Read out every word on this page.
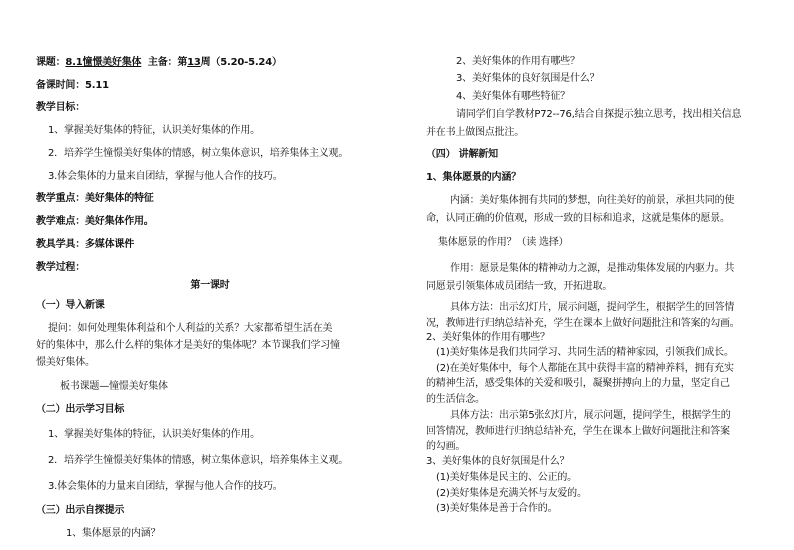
课题：8.1憧憬美好集体 主备：第13周（5.20-5.24）
备课时间：5.11
教学目标：
1、掌握美好集体的特征，认识美好集体的作用。
2．培养学生憧憬美好集体的情感，树立集体意识，培养集体主义观。
3.体会集体的力量来自团结，掌握与他人合作的技巧。
教学重点：美好集体的特征
教学难点：美好集体作用。
教具学具：多媒体课件
教学过程：
第一课时
（一）导入新课
提问：如何处理集体利益和个人利益的关系？大家都希望生活在美
好的集体中，那么什么样的集体才是美好的集体呢？本节课我们学习憧
憬美好集体。
板书课题—憧憬美好集体
（二）出示学习目标
1、掌握美好集体的特征，认识美好集体的作用。
2．培养学生憧憬美好集体的情感，树立集体意识，培养集体主义观。
3.体会集体的力量来自团结，掌握与他人合作的技巧。
（三）出示自探提示
1、集体愿景的内涵？
2、美好集体的作用有哪些？
3、美好集体的良好氛围是什么？
4、美好集体有哪些特征？
请同学们自学教材P72--76,结合自探提示独立思考，找出相关信息
并在书上做图点批注。
（四） 讲解新知
1、集体愿景的内涵？
内涵：美好集体拥有共同的梦想，向往美好的前景，承担共同的使
命，认同正确的价值观，形成一致的目标和追求，这就是集体的愿景。
集体愿景的作用？（读 选择）
作用：愿景是集体的精神动力之源，是推动集体发展的内驱力。共
同愿景引领集体成员团结一致，开拓进取。
具体方法：出示幻灯片，展示问题，提问学生，根据学生的回答情
况，教师进行归纳总结补充，学生在课本上做好问题批注和答案的勾画。
2、美好集体的作用有哪些？
(1)美好集体是我们共同学习、共同生活的精神家园，引领我们成长。
(2)在美好集体中，每个人都能在其中获得丰富的精神养料，拥有充实
的精神生活，感受集体的关爱和吸引，凝聚拼搏向上的力量，坚定自己
的生活信念。
具体方法：出示第5张幻灯片，展示问题，提问学生，根据学生的
回答情况，教师进行归纳总结补充，学生在课本上做好问题批注和答案
的勾画。
3、美好集体的良好氛围是什么？
(1)美好集体是民主的、公正的。
(2)美好集体是充满关怀与友爱的。
(3)美好集体是善于合作的。
